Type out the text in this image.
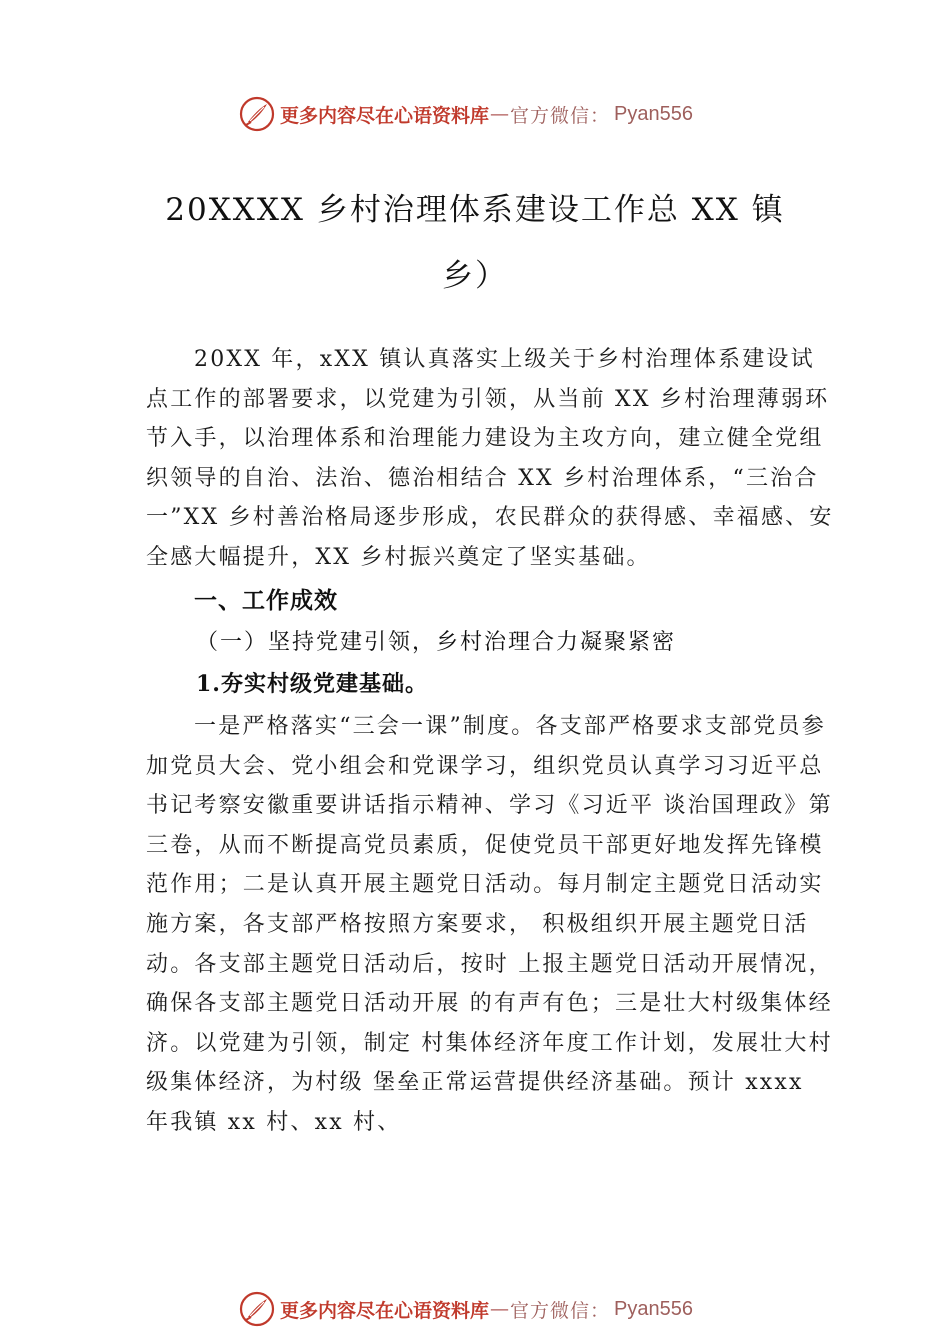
更多内容尽在心语资料库 — 官方微信： Pyan556
20XXXX 乡村治理体系建设工作总 XX 镇
乡）
20XX 年，xXX 镇认真落实上级关于乡村治理体系建设试点工作的部署要求，以党建为引领，从当前 XX 乡村治理薄弱环节入手，以治理体系和治理能力建设为主攻方向，建立健全党组织领导的自治、法治、德治相结合 XX 乡村治理体系，“三治合一”XX 乡村善治格局逐步形成，农民群众的获得感、幸福感、安全感大幅提升，XX 乡村振兴奠定了坚实基础。
一、工作成效
（一）坚持党建引领，乡村治理合力凝聚紧密
1.夯实村级党建基础。
一是严格落实“三会一课”制度。各支部严格要求支部党员参加党员大会、党小组会和党课学习，组织党员认真学习习近平总书记考察安徽重要讲话指示精神、学习《习近平 谈治国理政》第三卷，从而不断提高党员素质，促使党员干部更好地发挥先锋模范作用；二是认真开展主题党日活动。每月制定主题党日活动实施方案，各支部严格按照方案要求， 积极组织开展主题党日活动。各支部主题党日活动后，按时 上报主题党日活动开展情况，确保各支部主题党日活动开展 的有声有色；三是壮大村级集体经济。以党建为引领，制定 村集体经济年度工作计划，发展壮大村级集体经济，为村级 堡垒正常运营提供经济基础。预计 xxxx 年我镇 xx 村、xx 村、
更多内容尽在心语资料库 — 官方微信： Pyan556
